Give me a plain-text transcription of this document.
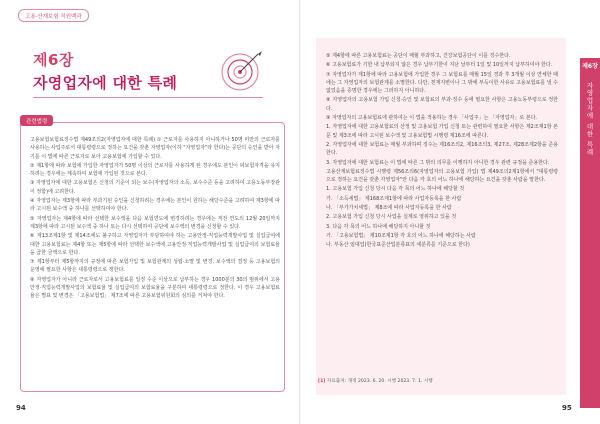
고용·산재보험 직원백과
제6장
자영업자에 대한 특례
관련법령

고용보험보험료징수법 제49조의2(자영업자에 대한 특례) ① 근로자를 사용하지 아니하거나 50명 미만의 근로자를 사용하는 사업주로서 대통령령으로 정하는 요건을 갖춘 자영업자(이하 "자영업자"라 한다)는 공단의 승인을 받아 자기를 이 법에 따른 근로자로 보아 고용보험에 가입할 수 있다.

② 제1항에 따라 보험에 가입한 자영업자가 50명 이상의 근로자를 사용하게 된 경우에도 본인이 피보험자격을 유지하려는 경우에는 계속하여 보험에 가입된 것으로 본다.

③ 자영업자에 대한 고용보험은 신청의 기준이 되는 보수(자영업자의 소득, 보수수준 등을 고려하여 고용노동부장관이 정함)에 고려한다.

④ 자영업자는 제3항에 따라 부과기된 승인을 신청하려는 경우에는 본인이 원하는 해당수준을 고려하여 제3항에 따라 고시된 보수액 중 하나를 선택하여야 한다.

⑤ 자영업자는 제4항에 따라 선택한 보수액을 다음 보험연도에 변경하려는 경우에는 직전 연도의 12월 20일까지 제3항에 따라 고시된 보수액 중 하나 또는 다시 선택하여 공단에 보수액의 변경을 신청할 수 있다.

⑥ 제13조제1항 및 제14조에도 불구하고 자영업자가 부담하여야 하는 고용안정·직업능력개발사업 및 실업급여에 대한 고용보험료는 제4항 또는 제5항에 따라 선택한 보수액에 고용안정·직업능력개발사업 및 실업급여의 보험료율을 곱한 금액으로 한다.

⑦ 제1항부터 제5항까지의 규정에 따른 보험가입 및 보험관계의 성립·소멸 및 변경, 보수액의 결정 등 고용보험의 운영에 필요한 사항은 대통령령으로 정한다.

⑧ 자영업자가 아니라 근로자로서 고용보험료를 일정 수준 이상으로 납부하는 경우 1000분의 30의 범위에서 고용안정·직업능력개발사업의 보험료율 및 실업급여의 보험료율을 구분하여 대통령령으로 정한다. 이 경우 고용보험료율은 별표 및 변경은 「고용보험법」 제7조에 따른 고용보험위원회의 심의를 거쳐야 한다.

94

⑤ 제4항에 따른 고용보험료는 공단이 매월 부과하고, 건강보험공단이 이를 징수한다.

⑥ 고용보험료가 기한 내 납부되지 않은 경우 납부기한이 지난 날부터 1일 및 10일까지 납부하여야 한다.

⑦ 자영업자가 제1항에 따라 고용보험에 가입한 경우 그 보험료를 매월 15일 경과 후 3개월 이상 연체한 때에는 그 자영업자의 보험관계를 소멸한다. 다만, 천재지변이나 그 밖에 부득이한 사유로 고용보험료를 낼 수 없었음을 증명한 경우에는 그러하지 아니하다.

⑧ 자영업자의 고용보험 가입 신청·승인 및 보험료의 부과·징수 등에 필요한 사항은 고용노동부령으로 정한다.

⑨ 자영업자의 고용보험료에 관하여는 이 법을 적용하는 경우 「사업주」는 「자영업자」로 본다.

1. 자영업자에 대한 고용보험료의 산정 및 고용보험 가입 신청 또는 관련하여 필요한 사항은 제2조제1항 본문 및 제3조에 따라 고시된 보수액 및 고용보험법 시행령 제16조에 따른다.

2. 자영업자에 대한 보험료는 매월 부과하며 징수는 제16조의2, 제16조의3, 제27조, 제28조제2항을 준용한다.

3. 자영업자에 대한 보험료는 이 법에 따른 그 밖의 의무를 이행하지 아니한 경우 관련 규정을 준용한다.

고용산재보험료징수법 시행령 제56조의6(자영업자의 고용보험 가입) 법 제49조의2제1항에서 "대통령령으로 정하는 요건을 갖춘 자영업자"란 다음 각 호의 어느 하나에 해당하는 요건을 갖춘 사람을 말한다.

1. 고용보험 가입 신청 당시 다음 각 목의 어느 하나에 해당할 것

가. 「소득세법」 제168조제1항에 따라 사업자등록을 한 사람

나. 「부가가치세법」 제8조에 따라 사업자등록을 한 사람

2. 고용보험 가입 신청 당시 사업을 실제로 영위하고 있을 것

3. 다음 각 목의 어느 하나에 해당하지 아니할 것

가. 「고용보험법」 제10조제1항 각 호의 어느 하나에 해당하는 사람

나. 부동산 임대업(한국표준산업분류표의 세분류를 기준으로 한다)

제6장
자영업자에 대한 특례
[1] 자료출처: 개정 2023. 6. 20. 시행 2023. 7. 1. 시행
95
